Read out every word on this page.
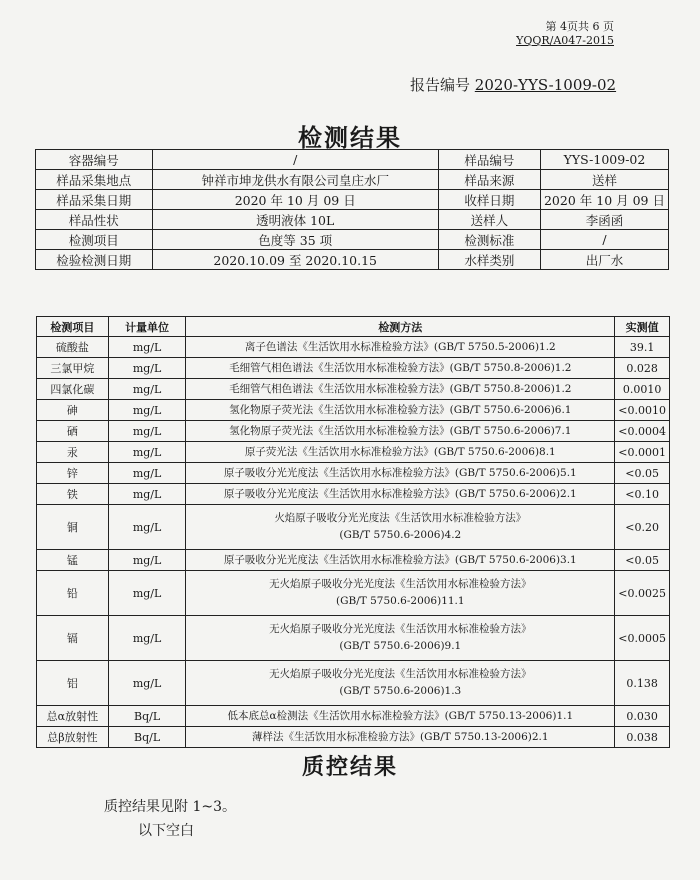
第 4页共 6 页
YQQR/A047-2015
报告编号 2020-YYS-1009-02
检测结果
容器编号	/	样品编号	YYS-1009-02
样品采集地点	钟祥市坤龙供水有限公司皇庄水厂	样品来源	送样
样品采集日期	2020 年 10 月 09 日	收样日期	2020 年 10 月 09 日
样品性状	透明液体 10L	送样人	李函函
检测项目	色度等 35 项	检测标准	/
检验检测日期	2020.10.09 至 2020.10.15	水样类别	出厂水
检测项目	计量单位	检测方法	实测值
硫酸盐	mg/L	离子色谱法《生活饮用水标准检验方法》(GB/T 5750.5-2006)1.2	39.1
三氯甲烷	mg/L	毛细管气相色谱法《生活饮用水标准检验方法》(GB/T 5750.8-2006)1.2	0.028
四氯化碳	mg/L	毛细管气相色谱法《生活饮用水标准检验方法》(GB/T 5750.8-2006)1.2	0.0010
砷	mg/L	氢化物原子荧光法《生活饮用水标准检验方法》(GB/T 5750.6-2006)6.1	<0.0010
硒	mg/L	氢化物原子荧光法《生活饮用水标准检验方法》(GB/T 5750.6-2006)7.1	<0.0004
汞	mg/L	原子荧光法《生活饮用水标准检验方法》(GB/T 5750.6-2006)8.1	<0.0001
锌	mg/L	原子吸收分光光度法《生活饮用水标准检验方法》(GB/T 5750.6-2006)5.1	<0.05
铁	mg/L	原子吸收分光光度法《生活饮用水标准检验方法》(GB/T 5750.6-2006)2.1	<0.10
铜	mg/L	火焰原子吸收分光光度法《生活饮用水标准检验方法》
(GB/T 5750.6-2006)4.2	<0.20
锰	mg/L	原子吸收分光光度法《生活饮用水标准检验方法》(GB/T 5750.6-2006)3.1	<0.05
铅	mg/L	无火焰原子吸收分光光度法《生活饮用水标准检验方法》
(GB/T 5750.6-2006)11.1	<0.0025
镉	mg/L	无火焰原子吸收分光光度法《生活饮用水标准检验方法》
(GB/T 5750.6-2006)9.1	<0.0005
铝	mg/L	无火焰原子吸收分光光度法《生活饮用水标准检验方法》
(GB/T 5750.6-2006)1.3	0.138
总α放射性	Bq/L	低本底总α检测法《生活饮用水标准检验方法》(GB/T 5750.13-2006)1.1	0.030
总β放射性	Bq/L	薄样法《生活饮用水标准检验方法》(GB/T 5750.13-2006)2.1	0.038
质控结果
质控结果见附 1~3。
以下空白
